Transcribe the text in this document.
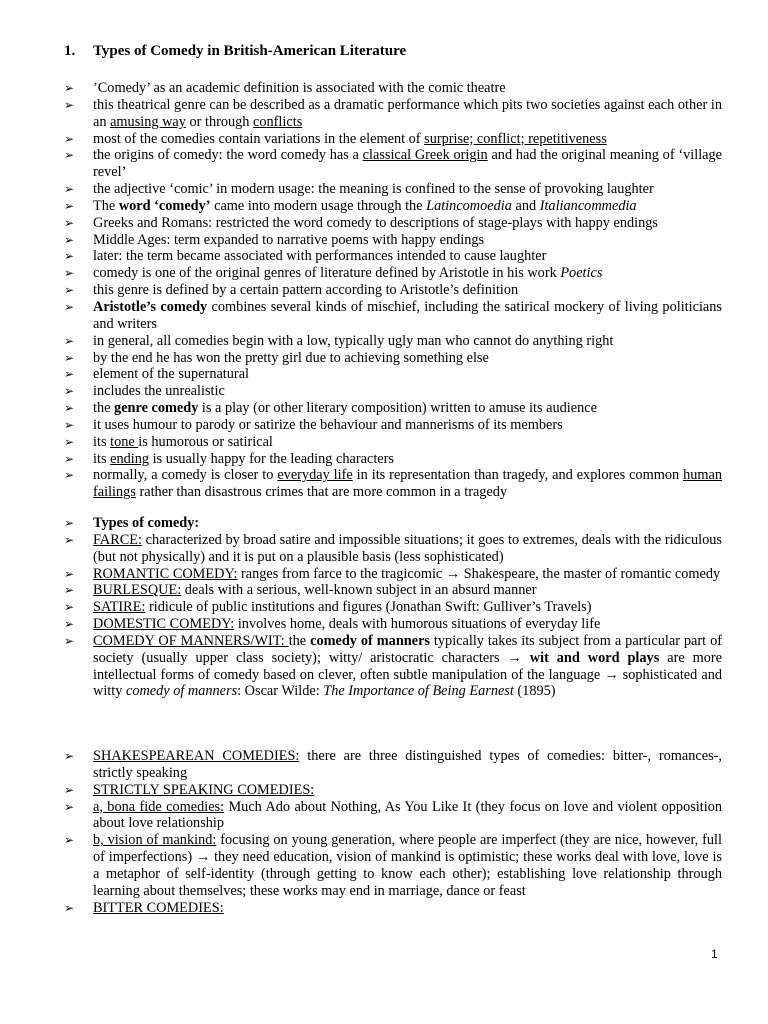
1. Types of Comedy in British-American Literature
➢ ’Comedy’ as an academic definition is associated with the comic theatre
➢ this theatrical genre can be described as a dramatic performance which pits two societies against each other in an amusing way or through conflicts
➢ most of the comedies contain variations in the element of surprise; conflict; repetitiveness
➢ the origins of comedy: the word comedy has a classical Greek origin and had the original meaning of ‘village revel’
➢ the adjective ‘comic’ in modern usage: the meaning is confined to the sense of provoking laughter
➢ The word ‘comedy’ came into modern usage through the Latincomoedia and Italiancommedia
➢ Greeks and Romans: restricted the word comedy to descriptions of stage-plays with happy endings
➢ Middle Ages: term expanded to narrative poems with happy endings
➢ later: the term became associated with performances intended to cause laughter
➢ comedy is one of the original genres of literature defined by Aristotle in his work Poetics
➢ this genre is defined by a certain pattern according to Aristotle’s definition
➢ Aristotle’s comedy combines several kinds of mischief, including the satirical mockery of living politicians and writers
➢ in general, all comedies begin with a low, typically ugly man who cannot do anything right
➢ by the end he has won the pretty girl due to achieving something else
➢ element of the supernatural
➢ includes the unrealistic
➢ the genre comedy is a play (or other literary composition) written to amuse its audience
➢ it uses humour to parody or satirize the behaviour and mannerisms of its members
➢ its tone is humorous or satirical
➢ its ending is usually happy for the leading characters
➢ normally, a comedy is closer to everyday life in its representation than tragedy, and explores common human failings rather than disastrous crimes that are more common in a tragedy
➢ Types of comedy:
➢ FARCE: characterized by broad satire and impossible situations; it goes to extremes, deals with the ridiculous (but not physically) and it is put on a plausible basis (less sophisticated)
➢ ROMANTIC COMEDY: ranges from farce to the tragicomic → Shakespeare, the master of romantic comedy
➢ BURLESQUE: deals with a serious, well-known subject in an absurd manner
➢ SATIRE: ridicule of public institutions and figures (Jonathan Swift: Gulliver’s Travels)
➢ DOMESTIC COMEDY: involves home, deals with humorous situations of everyday life
➢ COMEDY OF MANNERS/WIT: the comedy of manners typically takes its subject from a particular part of society (usually upper class society); witty/ aristocratic characters → wit and word plays are more intellectual forms of comedy based on clever, often subtle manipulation of the language → sophisticated and witty comedy of manners: Oscar Wilde: The Importance of Being Earnest (1895)
➢ SHAKESPEAREAN COMEDIES: there are three distinguished types of comedies: bitter-, romances-, strictly speaking
➢ STRICTLY SPEAKING COMEDIES:
➢ a, bona fide comedies: Much Ado about Nothing, As You Like It (they focus on love and violent opposition about love relationship
➢ b, vision of mankind: focusing on young generation, where people are imperfect (they are nice, however, full of imperfections) → they need education, vision of mankind is optimistic; these works deal with love, love is a metaphor of self-identity (through getting to know each other); establishing love relationship through learning about themselves; these works may end in marriage, dance or feast
➢ BITTER COMEDIES:
1
